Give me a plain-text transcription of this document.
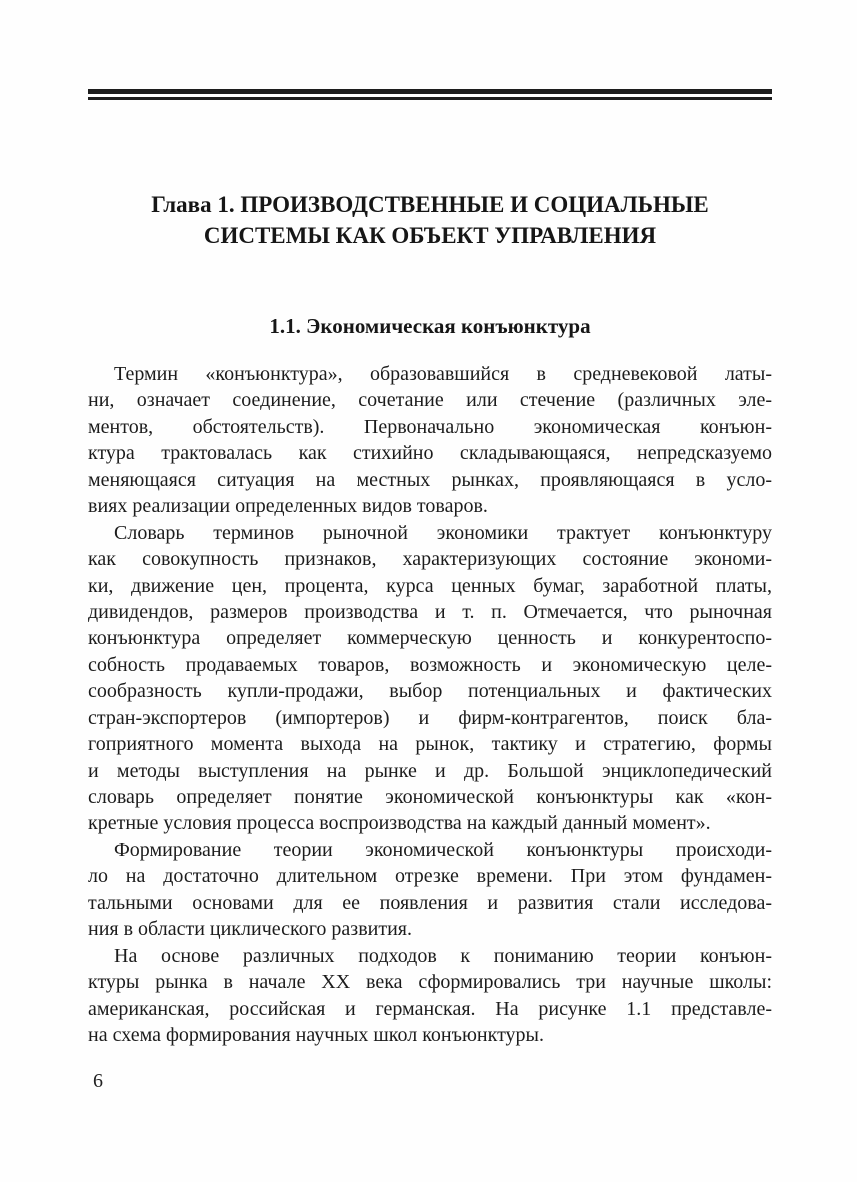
Глава 1. ПРОИЗВОДСТВЕННЫЕ И СОЦИАЛЬНЫЕ
СИСТЕМЫ КАК ОБЪЕКТ УПРАВЛЕНИЯ
1.1. Экономическая конъюнктура
Термин «конъюнктура», образовавшийся в средневековой латы-
ни, означает соединение, сочетание или стечение (различных эле-
ментов, обстоятельств). Первоначально экономическая конъюн-
ктура трактовалась как стихийно складывающаяся, непредсказуемо
меняющаяся ситуация на местных рынках, проявляющаяся в усло-
виях реализации определенных видов товаров.
Словарь терминов рыночной экономики трактует конъюнктуру
как совокупность признаков, характеризующих состояние экономи-
ки, движение цен, процента, курса ценных бумаг, заработной платы,
дивидендов, размеров производства и т. п. Отмечается, что рыночная
конъюнктура определяет коммерческую ценность и конкурентоспо-
собность продаваемых товаров, возможность и экономическую целе-
сообразность купли-продажи, выбор потенциальных и фактических
стран-экспортеров (импортеров) и фирм-контрагентов, поиск бла-
гоприятного момента выхода на рынок, тактику и стратегию, формы
и методы выступления на рынке и др. Большой энциклопедический
словарь определяет понятие экономической конъюнктуры как «кон-
кретные условия процесса воспроизводства на каждый данный момент».
Формирование теории экономической конъюнктуры происходи-
ло на достаточно длительном отрезке времени. При этом фундамен-
тальными основами для ее появления и развития стали исследова-
ния в области циклического развития.
На основе различных подходов к пониманию теории конъюн-
ктуры рынка в начале XX века сформировались три научные школы:
американская, российская и германская. На рисунке 1.1 представле-
на схема формирования научных школ конъюнктуры.
6
